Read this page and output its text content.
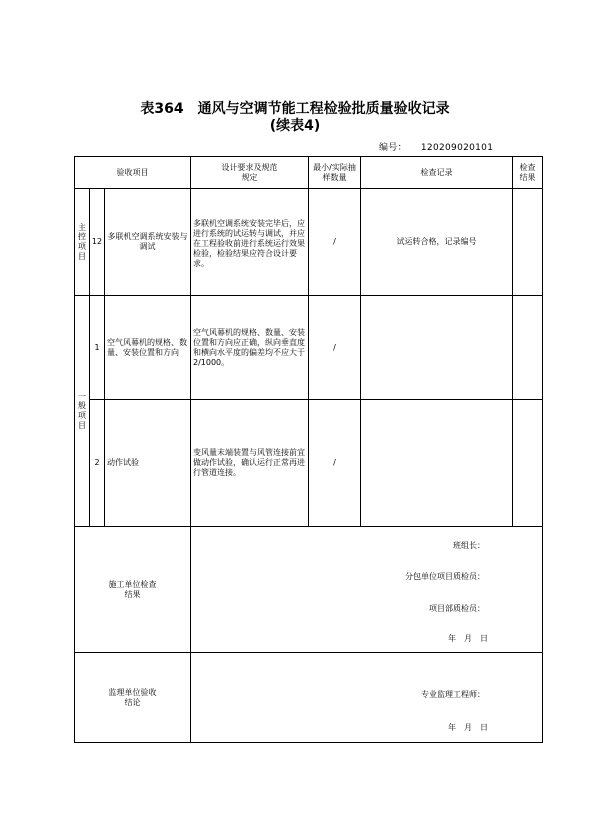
表364　通风与空调节能工程检验批质量验收记录
(续表4)
编号： 120209020101
验收项目			设计要求及规范规定	最小/实际抽样数量	检查记录	检查结果
主控项目	12	多联机空调系统安装与调试	多联机空调系统安装完毕后，应进行系统的试运转与调试，并应在工程验收前进行系统运行效果检验，检验结果应符合设计要求。	/	试运转合格，记录编号	
一般项目	1	空气风幕机的规格、数量、安装位置和方向	空气风幕机的规格、数量、安装位置和方向应正确，纵向垂直度和横向水平度的偏差均不应大于2/1000。	/		
	2	动作试验	变风量末端装置与风管连接前宜做动作试验，确认运行正常再进行管道连接。	/		
施工单位检查结果			班组长：
分包单位项目质检员：
项目部质检员：
年　月　日			

监理单位验收结论			专业监理工程师：
年　月　日			
